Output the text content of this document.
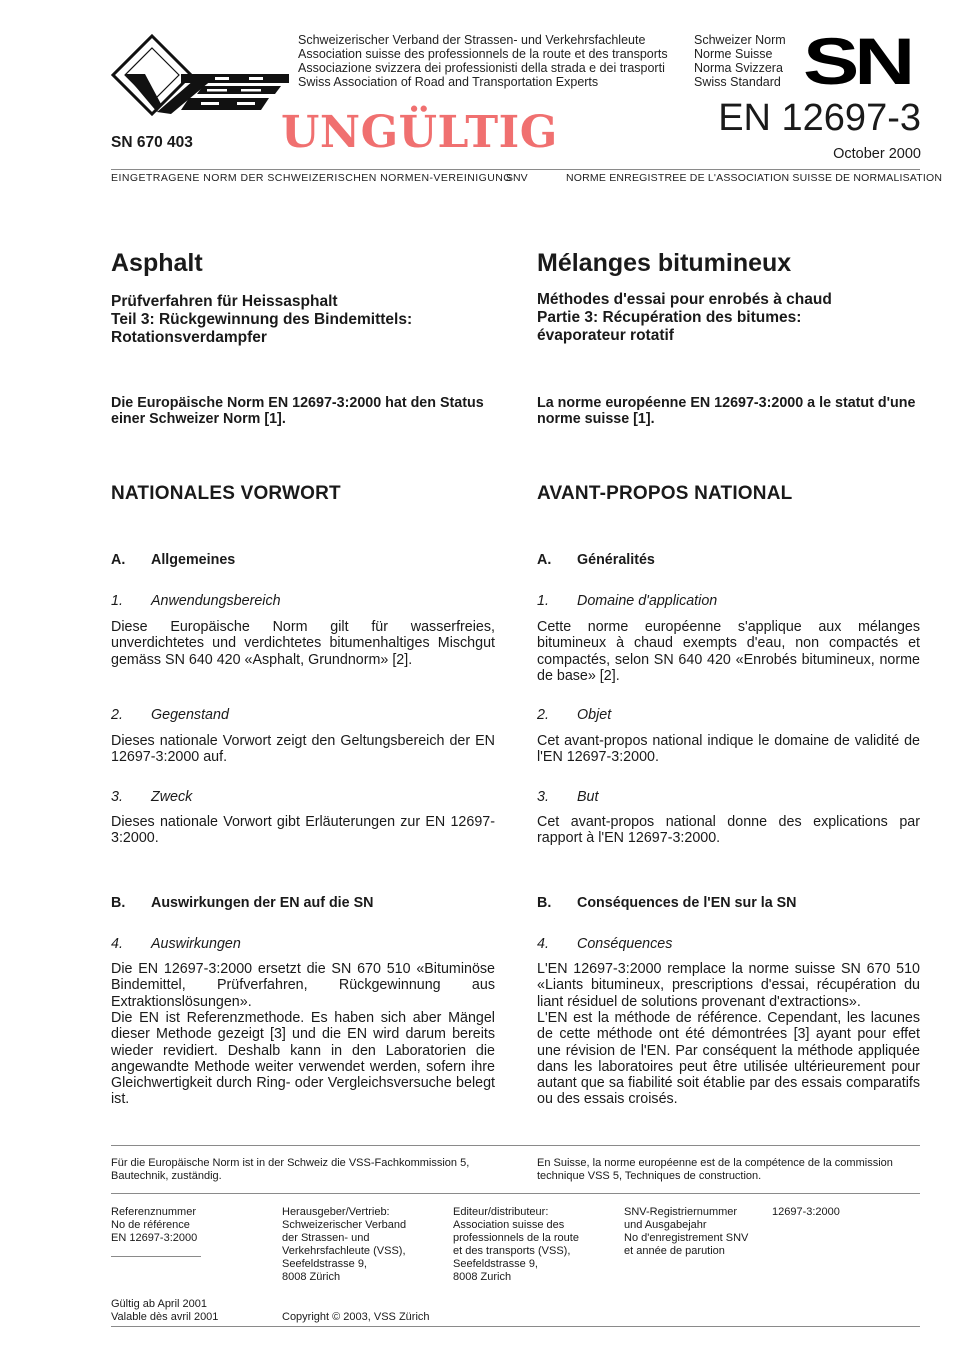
Schweizerischer Verband der Strassen- und Verkehrsfachleute
Association suisse des professionnels de la route et des transports
Associazione svizzera dei professionisti della strada e dei trasporti
Swiss Association of Road and Transportation Experts
Schweizer Norm
Norme Suisse
Norma Svizzera
Swiss Standard SN
SN 670 403 UNGÜLTIG	EN 12697-3
October 2000
EINGETRAGENE NORM DER SCHWEIZERISCHEN NORMEN-VEREINIGUNG
SNV	NORME ENREGISTREE DE L'ASSOCIATION SUISSE DE NORMALISATION
Asphalt
Prüfverfahren für Heissasphalt
Teil 3: Rückgewinnung des Bindemittels:
Rotationsverdampfer
Die Europäische Norm EN 12697-3:2000 hat den Status einer Schweizer Norm [1].
NATIONALES VORWORT
A. Allgemeines
1. Anwendungsbereich
Diese Europäische Norm gilt für wasserfreies, unverdichtetes und verdichtetes bitumenhaltiges Mischgut gemäss SN 640 420 «Asphalt, Grundnorm» [2].
2. Gegenstand
Dieses nationale Vorwort zeigt den Geltungsbereich der EN 12697-3:2000 auf.
3. Zweck
Dieses nationale Vorwort gibt Erläuterungen zur EN 12697-3:2000.
B. Auswirkungen der EN auf die SN
4. Auswirkungen
Die EN 12697-3:2000 ersetzt die SN 670 510 «Bituminöse Bindemittel, Prüfverfahren, Rückgewinnung aus Extraktionslösungen».
Die EN ist Referenzmethode. Es haben sich aber Mängel dieser Methode gezeigt [3] und die EN wird darum bereits wieder revidiert. Deshalb kann in den Laboratorien die angewandte Methode weiter verwendet werden, sofern ihre Gleichwertigkeit durch Ring- oder Vergleichsversuche belegt ist.
Mélanges bitumineux
Méthodes d'essai pour enrobés à chaud
Partie 3: Récupération des bitumes:
évaporateur rotatif
La norme européenne EN 12697-3:2000 a le statut d'une norme suisse [1].
AVANT-PROPOS NATIONAL
A. Généralités
1. Domaine d'application
Cette norme européenne s'applique aux mélanges bitumineux à chaud exempts d'eau, non compactés et compactés, selon SN 640 420 «Enrobés bitumineux, norme de base» [2].
2. Objet
Cet avant-propos national indique le domaine de validité de l'EN 12697-3:2000.
3. But
Cet avant-propos national donne des explications par rapport à l'EN 12697-3:2000.
B. Conséquences de l'EN sur la SN
4. Conséquences
L'EN 12697-3:2000 remplace la norme suisse SN 670 510 «Liants bitumineux, prescriptions d'essai, récupération du liant résiduel de solutions provenant d'extractions».
L'EN est la méthode de référence. Cependant, les lacunes de cette méthode ont été démontrées [3] ayant pour effet une révision de l'EN. Par conséquent la méthode appliquée dans les laboratoires peut être utilisée ultérieurement pour autant que sa fiabilité soit établie par des essais comparatifs ou des essais croisés.
Für die Europäische Norm ist in der Schweiz die VSS-Fachkommission 5, Bautechnik, zuständig.
En Suisse, la norme européenne est de la compétence de la commission technique VSS 5, Techniques de construction.
Referenznummer
No de référence
EN 12697-3:2000
Herausgeber/Vertrieb:
Schweizerischer Verband
der Strassen- und
Verkehrsfachleute (VSS),
Seefeldstrasse 9,
8008 Zürich
Editeur/distributeur:
Association suisse des
professionnels de la route
et des transports (VSS),
Seefeldstrasse 9,
8008 Zurich
SNV-Registriernummer
und Ausgabejahr
No d'enregistrement SNV
et année de parution
12697-3:2000
Gültig ab April 2001
Valable dès avril 2001	Copyright © 2003, VSS Zürich
